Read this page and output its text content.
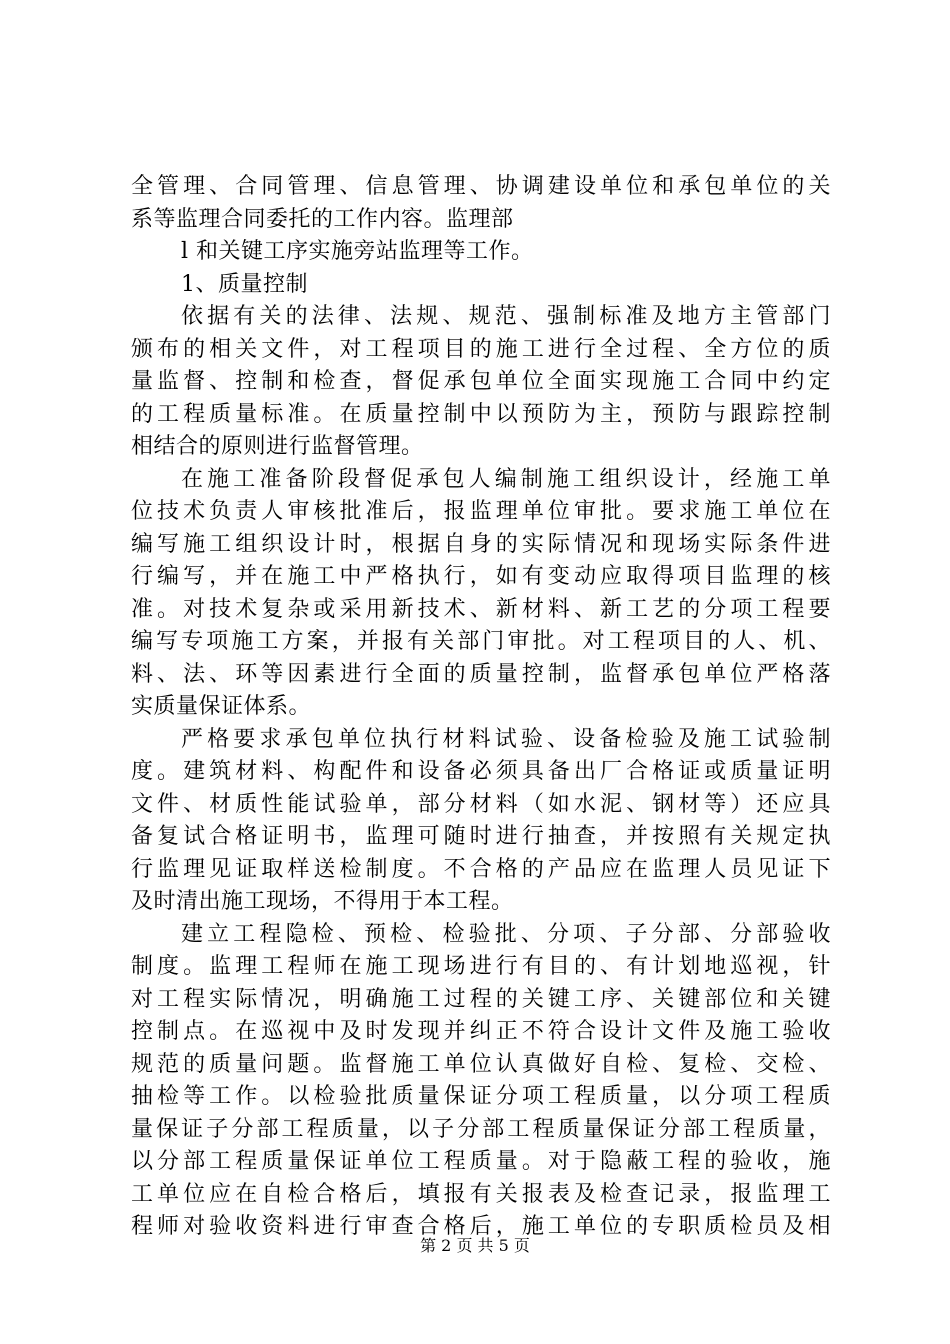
全管理、合同管理、信息管理、协调建设单位和承包单位的关
系等监理合同委托的工作内容。监理部
l 和关键工序实施旁站监理等工作。
1、质量控制
依据有关的法律、法规、规范、强制标准及地方主管部门
颁布的相关文件，对工程项目的施工进行全过程、全方位的质
量监督、控制和检查，督促承包单位全面实现施工合同中约定
的工程质量标准。在质量控制中以预防为主，预防与跟踪控制
相结合的原则进行监督管理。
在施工准备阶段督促承包人编制施工组织设计，经施工单
位技术负责人审核批准后，报监理单位审批。要求施工单位在
编写施工组织设计时，根据自身的实际情况和现场实际条件进
行编写，并在施工中严格执行，如有变动应取得项目监理的核
准。对技术复杂或采用新技术、新材料、新工艺的分项工程要
编写专项施工方案，并报有关部门审批。对工程项目的人、机、
料、法、环等因素进行全面的质量控制，监督承包单位严格落
实质量保证体系。
严格要求承包单位执行材料试验、设备检验及施工试验制
度。建筑材料、构配件和设备必须具备出厂合格证或质量证明
文件、材质性能试验单，部分材料（如水泥、钢材等）还应具
备复试合格证明书，监理可随时进行抽查，并按照有关规定执
行监理见证取样送检制度。不合格的产品应在监理人员见证下
及时清出施工现场，不得用于本工程。
建立工程隐检、预检、检验批、分项、子分部、分部验收
制度。监理工程师在施工现场进行有目的、有计划地巡视，针
对工程实际情况，明确施工过程的关键工序、关键部位和关键
控制点。在巡视中及时发现并纠正不符合设计文件及施工验收
规范的质量问题。监督施工单位认真做好自检、复检、交检、
抽检等工作。以检验批质量保证分项工程质量，以分项工程质
量保证子分部工程质量，以子分部工程质量保证分部工程质量，
以分部工程质量保证单位工程质量。对于隐蔽工程的验收，施
工单位应在自检合格后，填报有关报表及检查记录，报监理工
程师对验收资料进行审查合格后，施工单位的专职质检员及相
第 2 页 共 5 页
